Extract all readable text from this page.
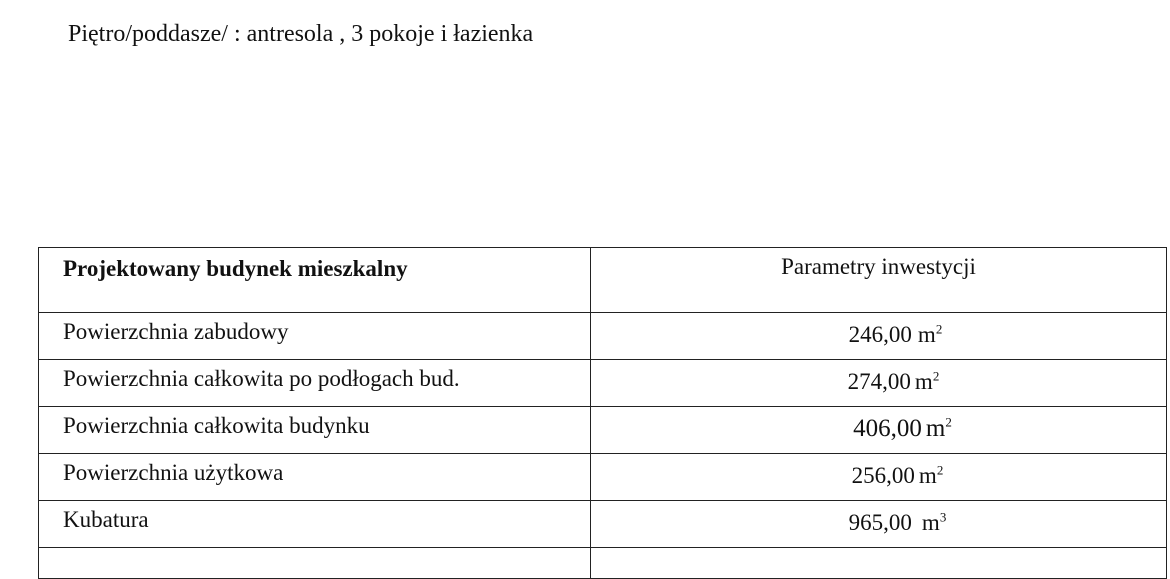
Piętro/poddasze/ : antresola , 3 pokoje i łazienka
Projektowany budynek mieszkalny	Parametry inwestycji
Powierzchnia zabudowy	246,00 $m^2$
Powierzchnia całkowita po podłogach bud.	274,00 $m^2$
Powierzchnia całkowita budynku	406,00 $m^2$
Powierzchnia użytkowa	256,00 $m^2$
Kubatura	965,00 $m^3$
